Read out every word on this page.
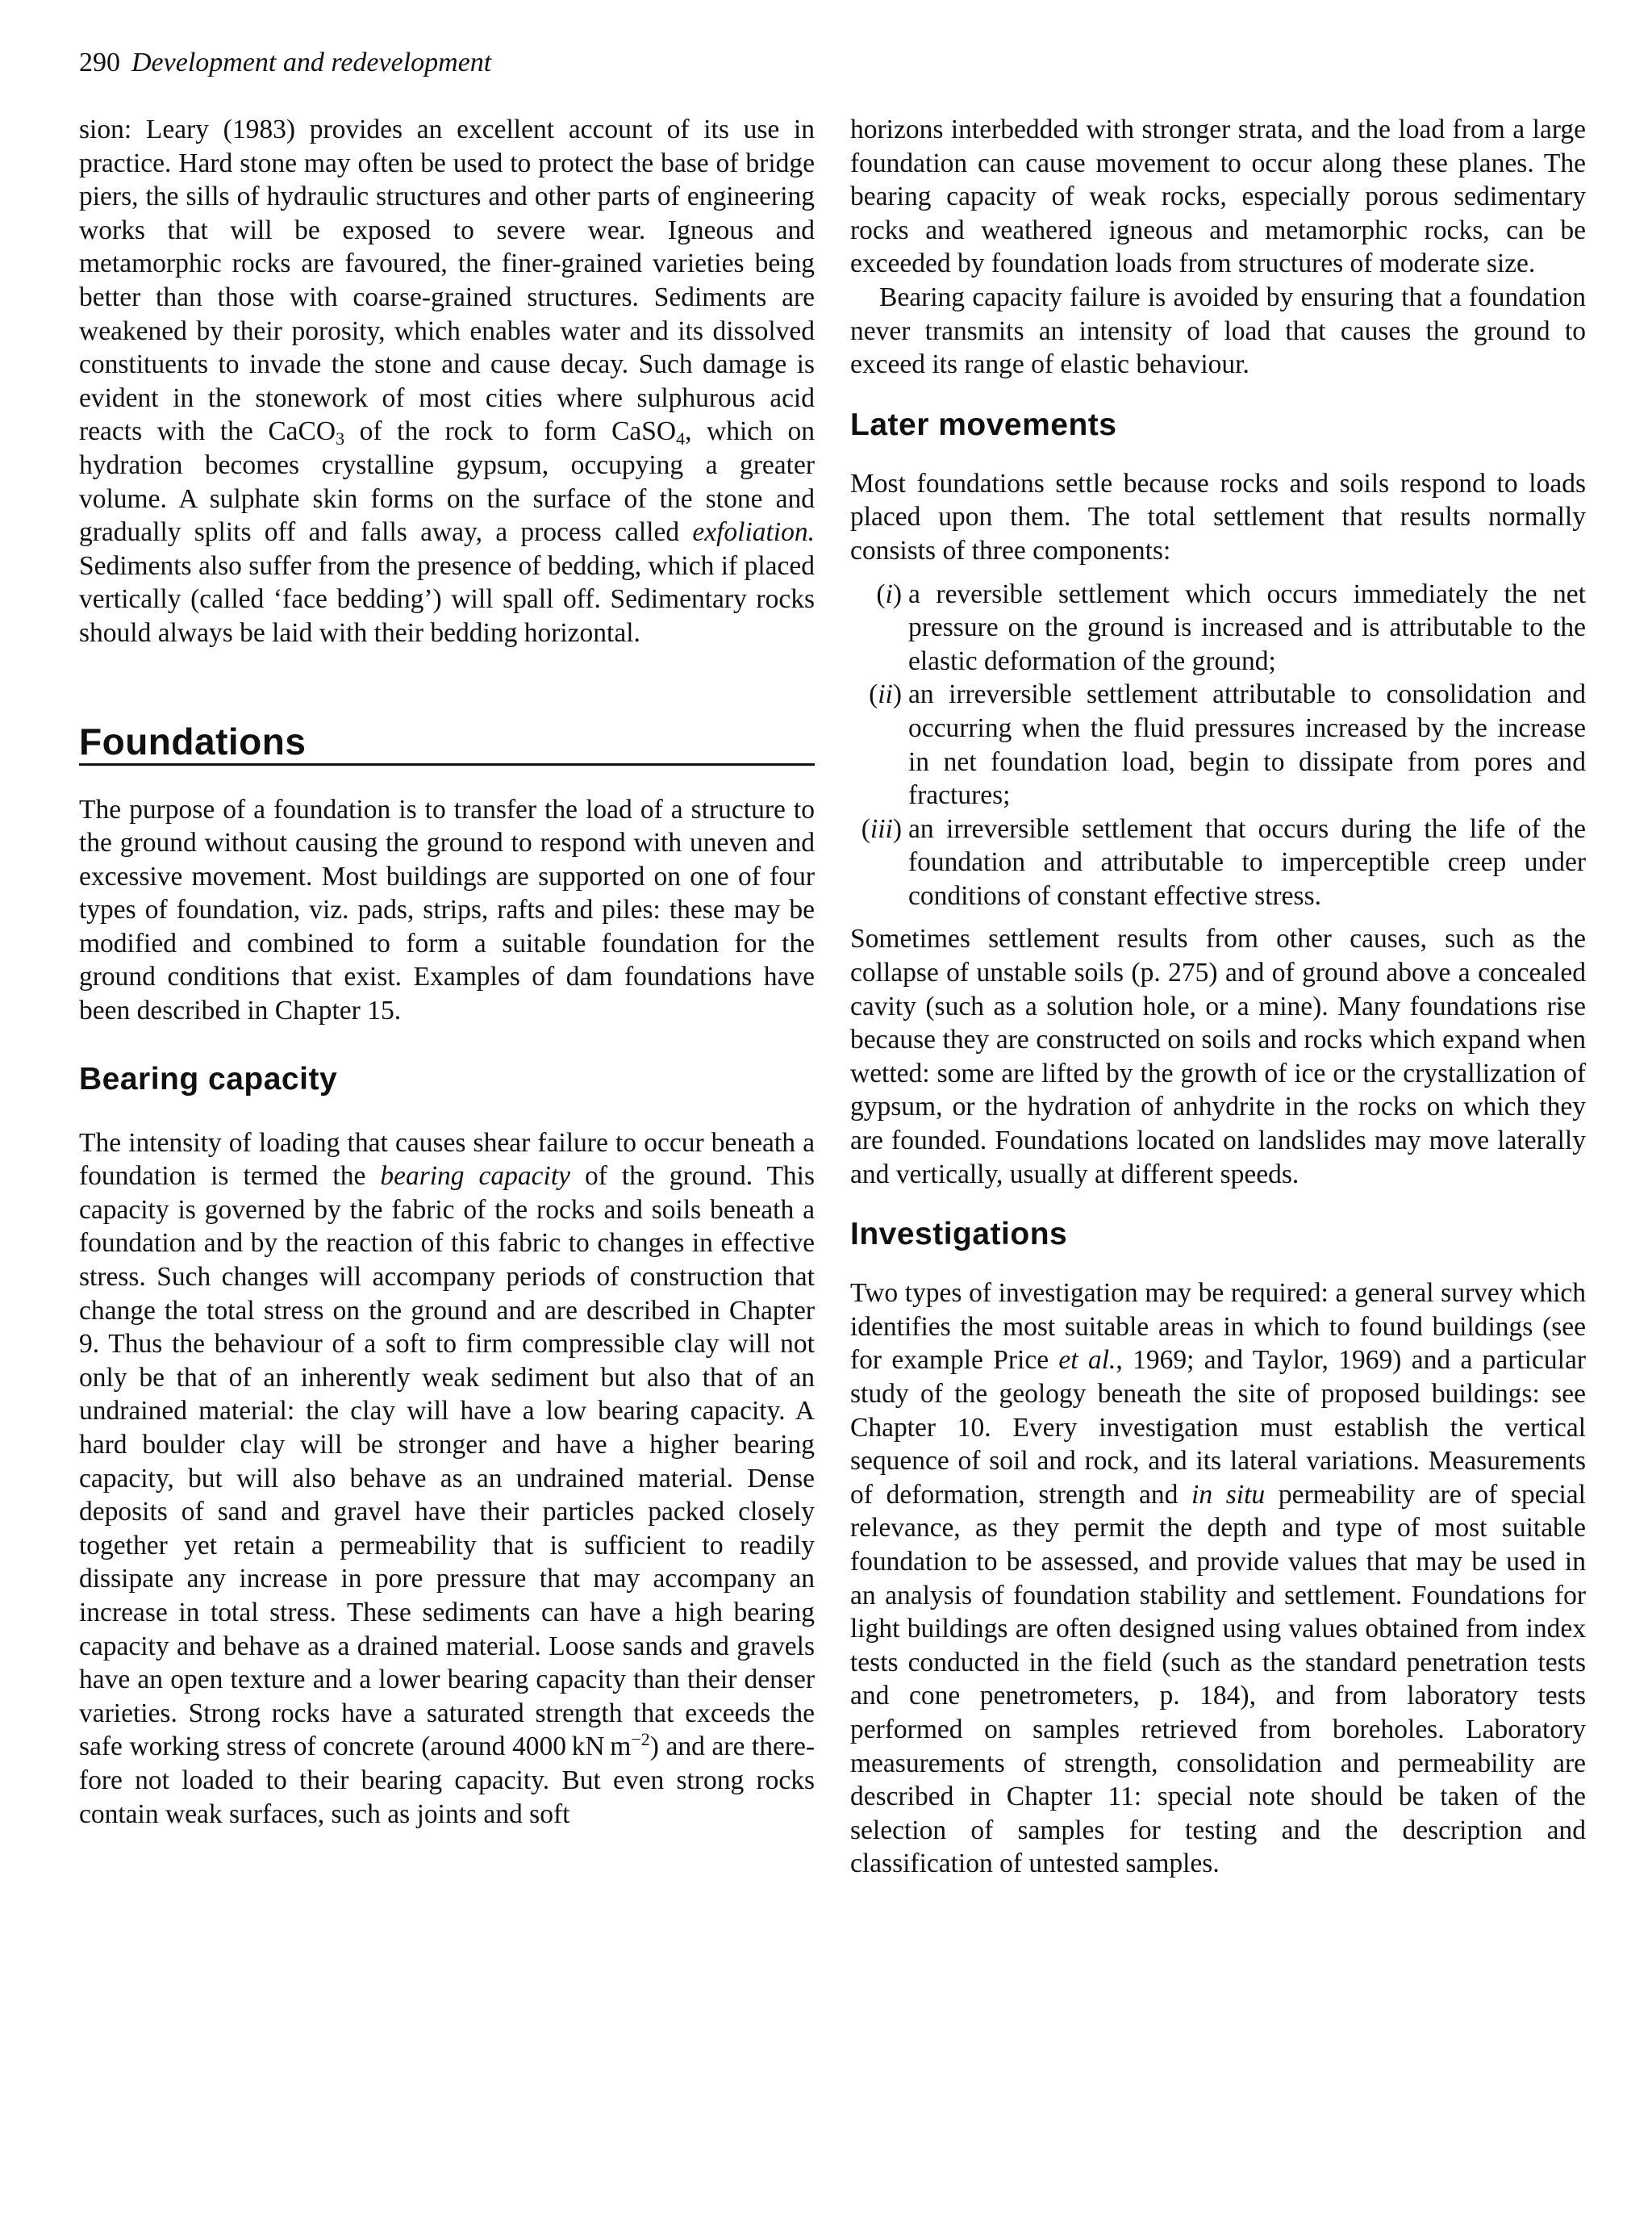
290 Development and redevelopment

sion: Leary (1983) provides an excellent account of its use in practice. Hard stone may often be used to protect the base of bridge piers, the sills of hydraulic structures and other parts of engineering works that will be exposed to severe wear. Igneous and metamorphic rocks are favoured, the finer-grained varieties being better than those with coarse-grained structures. Sediments are weakened by their porosity, which enables water and its dissolved constituents to invade the stone and cause decay. Such damage is evident in the stonework of most cities where sulphurous acid reacts with the CaCO$_3$ of the rock to form CaSO$_4$, which on hydration becomes crystalline gypsum, occupying a greater volume. A sulphate skin forms on the surface of the stone and gradually splits off and falls away, a process called exfoliation. Sediments also suffer from the presence of bedding, which if placed vertically (called ‘face bedding’) will spall off. Sedimentary rocks should always be laid with their bedding horizontal.

Foundations

The purpose of a foundation is to transfer the load of a structure to the ground without causing the ground to respond with uneven and excessive movement. Most buildings are supported on one of four types of foundation, viz. pads, strips, rafts and piles: these may be modified and combined to form a suitable foundation for the ground conditions that exist. Examples of dam foundations have been described in Chapter 15.

Bearing capacity

The intensity of loading that causes shear failure to occur beneath a foundation is termed the bearing capacity of the ground. This capacity is governed by the fabric of the rocks and soils beneath a foundation and by the reaction of this fabric to changes in effective stress. Such changes will accompany periods of construction that change the total stress on the ground and are described in Chapter 9. Thus the behaviour of a soft to firm compressible clay will not only be that of an inherently weak sediment but also that of an undrained material: the clay will have a low bearing capacity. A hard boulder clay will be stronger and have a higher bearing capacity, but will also behave as an undrained material. Dense deposits of sand and gravel have their particles packed closely together yet retain a permeability that is sufficient to readily dissipate any increase in pore pressure that may accompany an increase in total stress. These sediments can have a high bearing capacity and behave as a drained material. Loose sands and gravels have an open texture and a lower bearing capacity than their denser varieties. Strong rocks have a saturated strength that exceeds the safe working stress of concrete (around 4000 kN $m^{-2}$) and are therefore not loaded to their bearing capacity. But even strong rocks contain weak surfaces, such as joints and soft

horizons interbedded with stronger strata, and the load from a large foundation can cause movement to occur along these planes. The bearing capacity of weak rocks, especially porous sedimentary rocks and weathered igneous and metamorphic rocks, can be exceeded by foundation loads from structures of moderate size.

Bearing capacity failure is avoided by ensuring that a foundation never transmits an intensity of load that causes the ground to exceed its range of elastic behaviour.

Later movements

Most foundations settle because rocks and soils respond to loads placed upon them. The total settlement that results normally consists of three components:

(i) a reversible settlement which occurs immediately the net pressure on the ground is increased and is attributable to the elastic deformation of the ground;

(ii) an irreversible settlement attributable to consolidation and occurring when the fluid pressures increased by the increase in net foundation load, begin to dissipate from pores and fractures;

(iii) an irreversible settlement that occurs during the life of the foundation and attributable to imperceptible creep under conditions of constant effective stress.

Sometimes settlement results from other causes, such as the collapse of unstable soils (p. 275) and of ground above a concealed cavity (such as a solution hole, or a mine). Many foundations rise because they are constructed on soils and rocks which expand when wetted: some are lifted by the growth of ice or the crystallization of gypsum, or the hydration of anhydrite in the rocks on which they are founded. Foundations located on landslides may move laterally and vertically, usually at different speeds.

Investigations

Two types of investigation may be required: a general survey which identifies the most suitable areas in which to found buildings (see for example Price et al., 1969; and Taylor, 1969) and a particular study of the geology beneath the site of proposed buildings: see Chapter 10. Every investigation must establish the vertical sequence of soil and rock, and its lateral variations. Measurements of deformation, strength and in situ permeability are of special relevance, as they permit the depth and type of most suitable foundation to be assessed, and provide values that may be used in an analysis of foundation stability and settlement. Foundations for light buildings are often designed using values obtained from index tests conducted in the field (such as the standard penetration tests and cone penetrometers, p. 184), and from laboratory tests performed on samples retrieved from boreholes. Laboratory measurements of strength, consolidation and permeability are described in Chapter 11: special note should be taken of the selection of samples for testing and the description and classification of untested samples.
